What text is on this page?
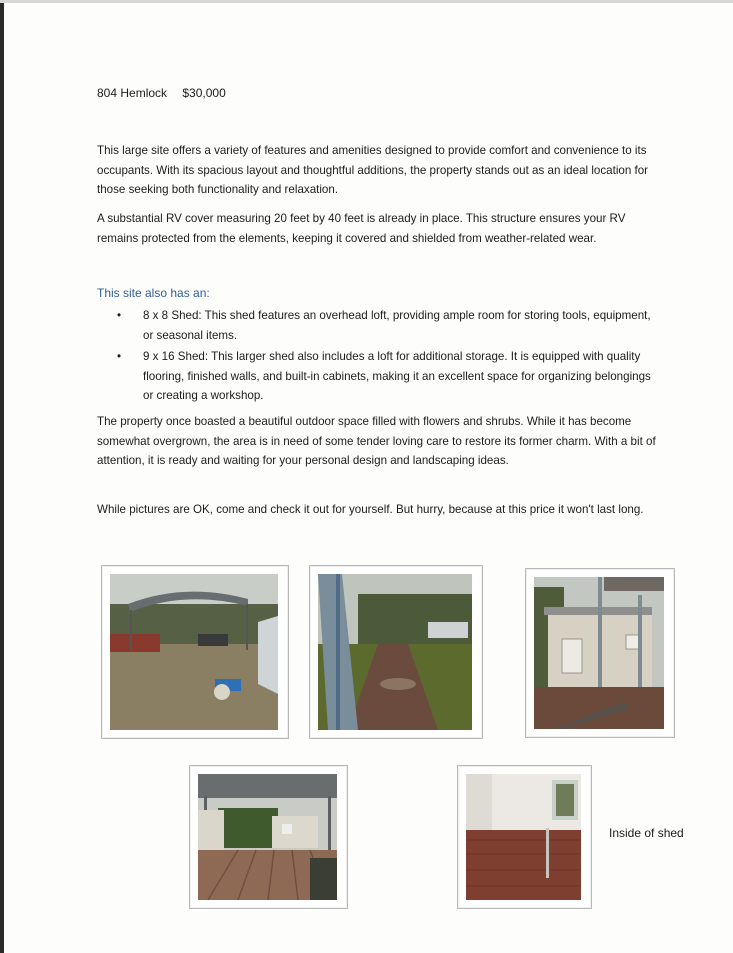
804 Hemlock $30,000

This large site offers a variety of features and amenities designed to provide comfort and convenience to its occupants. With its spacious layout and thoughtful additions, the property stands out as an ideal location for those seeking both functionality and relaxation.

A substantial RV cover measuring 20 feet by 40 feet is already in place. This structure ensures your RV remains protected from the elements, keeping it covered and shielded from weather-related wear.

This site also has an:
• 8 x 8 Shed: This shed features an overhead loft, providing ample room for storing tools, equipment, or seasonal items.
• 9 x 16 Shed: This larger shed also includes a loft for additional storage. It is equipped with quality flooring, finished walls, and built-in cabinets, making it an excellent space for organizing belongings or creating a workshop.

The property once boasted a beautiful outdoor space filled with flowers and shrubs. While it has become somewhat overgrown, the area is in need of some tender loving care to restore its former charm. With a bit of attention, it is ready and waiting for your personal design and landscaping ideas.

While pictures are OK, come and check it out for yourself. But hurry, because at this price it won't last long.

Inside of shed
